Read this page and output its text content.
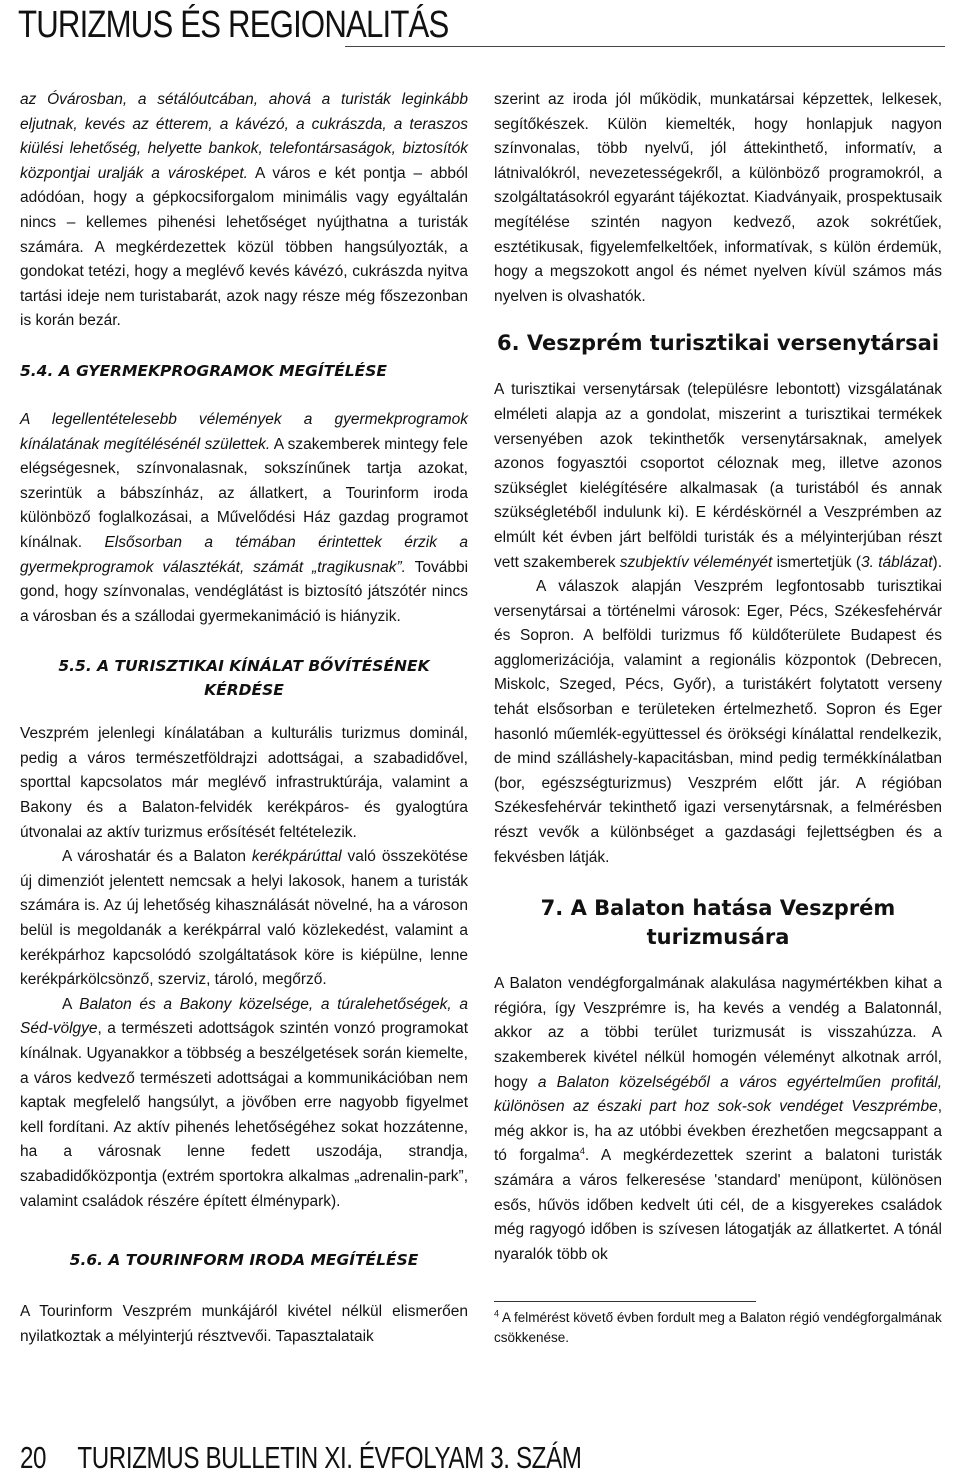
TURIZMUS ÉS REGIONALITÁS

az Óvárosban, a sétálóutcában, ahová a turisták leginkább eljutnak, kevés az étterem, a kávézó, a cukrászda, a teraszos kiülési lehetőség, helyette bankok, telefontársaságok, biztosítók központjai uralják a városképet. A város e két pontja – abból adódóan, hogy a gépkocsiforgalom minimális vagy egyáltalán nincs – kellemes pihenési lehetőséget nyújthatna a turisták számára. A megkérdezettek közül többen hangsúlyozták, a gondokat tetézi, hogy a meglévő kevés kávézó, cukrászda nyitva tartási ideje nem turistabarát, azok nagy része még főszezonban is korán bezár.

5.4. A GYERMEKPROGRAMOK MEGÍTÉLÉSE

A legellentételesebb vélemények a gyermekprogramok kínálatának megítélésénél születtek. A szakemberek mintegy fele elégségesnek, színvonalasnak, sokszínűnek tartja azokat, szerintük a bábszínház, az állatkert, a Tourinform iroda különböző foglalkozásai, a Művelődési Ház gazdag programot kínálnak. Elsősorban a témában érintettek érzik a gyermekprogramok választékát, számát „tragikusnak”. További gond, hogy színvonalas, vendéglátást is biztosító játszótér nincs a városban és a szállodai gyermekanimáció is hiányzik.

5.5. A TURISZTIKAI KÍNÁLAT BŐVÍTÉSÉNEK

KÉRDÉSE

Veszprém jelenlegi kínálatában a kulturális turizmus dominál, pedig a város természetföldrajzi adottságai, a szabadidővel, sporttal kapcsolatos már meglévő infrastruktúrája, valamint a Bakony és a Balaton-felvidék kerékpáros- és gyalogtúra útvonalai az aktív turizmus erősítését feltételezik.

A városhatár és a Balaton kerékpárúttal való összekötése új dimenziót jelentett nemcsak a helyi lakosok, hanem a turisták számára is. Az új lehetőség kihasználását növelné, ha a városon belül is megoldanák a kerékpárral való közlekedést, valamint a kerékpárhoz kapcsolódó szolgáltatások köre is kiépülne, lenne kerékpárkölcsönző, szerviz, tároló, megőrző.

A Balaton és a Bakony közelsége, a túralehetőségek, a Séd-völgye, a természeti adottságok szintén vonzó programokat kínálnak. Ugyanakkor a többség a beszélgetések során kiemelte, a város kedvező természeti adottságai a kommunikációban nem kaptak megfelelő hangsúlyt, a jövőben erre nagyobb figyelmet kell fordítani. Az aktív pihenés lehetőségéhez sokat hozzátenne, ha a városnak lenne fedett uszodája, strandja, szabadidőközpontja (extrém sportokra alkalmas „adrenalin-park”, valamint családok részére épített élménypark).

5.6. A TOURINFORM IRODA MEGÍTÉLÉSE

A Tourinform Veszprém munkájáról kivétel nélkül elismerően nyilatkoztak a mélyinterjú résztvevői. Tapasztalataik

szerint az iroda jól működik, munkatársai képzettek, lelkesek, segítőkészek. Külön kiemelték, hogy honlapjuk nagyon színvonalas, több nyelvű, jól áttekinthető, informatív, a látnivalókról, nevezetességekről, a különböző programokról, a szolgáltatásokról egyaránt tájékoztat. Kiadványaik, prospektusaik megítélése szintén nagyon kedvező, azok sokrétűek, esztétikusak, figyelemfelkeltőek, informatívak, s külön érdemük, hogy a megszokott angol és német nyelven kívül számos más nyelven is olvashatók.

6. Veszprém turisztikai versenytársai

A turisztikai versenytársak (településre lebontott) vizsgálatának elméleti alapja az a gondolat, miszerint a turisztikai termékek versenyében azok tekinthetők versenytársaknak, amelyek azonos fogyasztói csoportot céloznak meg, illetve azonos szükséglet kielégítésére alkalmasak (a turistából és annak szükségletéből indulunk ki). E kérdéskörnél a Veszprémben az elmúlt két évben járt belföldi turisták és a mélyinterjúban részt vett szakemberek szubjektív véleményét ismertetjük (3. táblázat).

A válaszok alapján Veszprém legfontosabb turisztikai versenytársai a történelmi városok: Eger, Pécs, Székesfehérvár és Sopron. A belföldi turizmus fő küldőterülete Budapest és agglomerizációja, valamint a regionális központok (Debrecen, Miskolc, Szeged, Pécs, Győr), a turistákért folytatott verseny tehát elsősorban e területeken értelmezhető. Sopron és Eger hasonló műemlék-együttessel és örökségi kínálattal rendelkezik, de mind szálláshely-kapacitásban, mind pedig termékkínálatban (bor, egészségturizmus) Veszprém előtt jár. A régióban Székesfehérvár tekinthető igazi versenytársnak, a felmérésben részt vevők a különbséget a gazdasági fejlettségben és a fekvésben látják.

7. A Balaton hatása Veszprém

turizmusára

A Balaton vendégforgalmának alakulása nagymértékben kihat a régióra, így Veszprémre is, ha kevés a vendég a Balatonnál, akkor az a többi terület turizmusát is visszahúzza. A szakemberek kivétel nélkül homogén véleményt alkotnak arról, hogy a Balaton közelségéből a város egyértelműen profitál, különösen az északi part hoz sok-sok vendéget Veszprémbe, még akkor is, ha az utóbbi években érezhetően megcsappant a tó forgalma$^4$. A megkérdezettek szerint a balatoni turisták számára a város felkeresése 'standard' menüpont, különösen esős, hűvös időben kedvelt úti cél, de a kisgyerekes családok még ragyogó időben is szívesen látogatják az állatkertet. A tónál nyaralók több ok

$^4$ A felmérést követő évben fordult meg a Balaton régió vendégforgalmának csökkenése.

20 TURIZMUS BULLETIN XI. ÉVFOLYAM 3. SZÁM
